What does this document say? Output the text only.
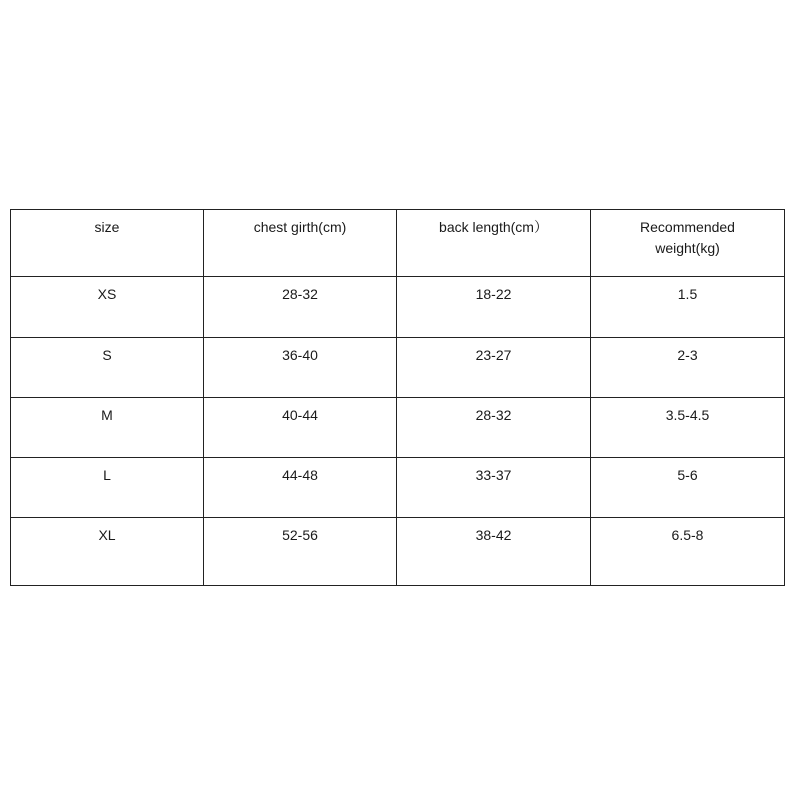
size	chest girth(cm)	back length(cm）	Recommended weight(kg)

XS	28-32	18-22	1.5
S	36-40	23-27	2-3
M	40-44	28-32	3.5-4.5
L	44-48	33-37	5-6
XL	52-56	38-42	6.5-8
